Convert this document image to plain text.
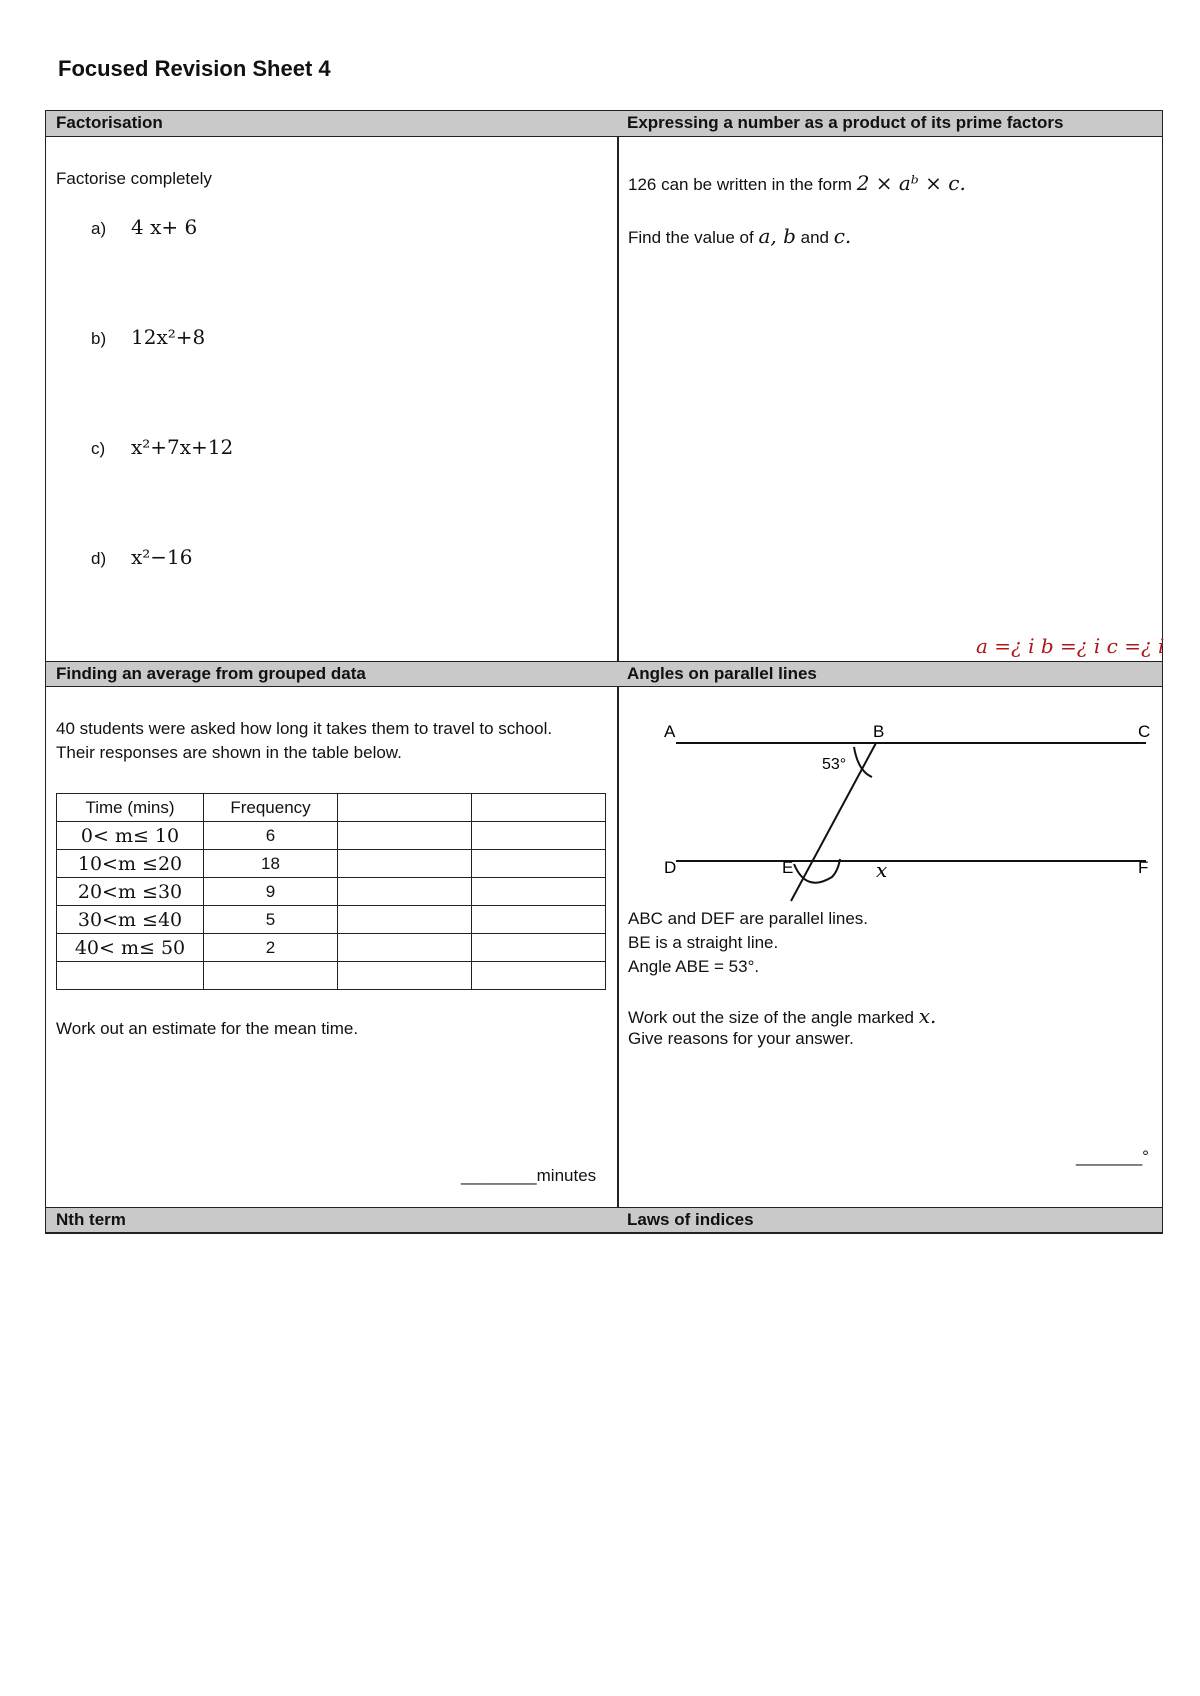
Focused Revision Sheet 4
Factorisation	Expressing a number as a product of its prime factors
Factorise completely
a) 4 x+ 6
b) 12x²+8
c) x²+7x+12
d) x²−16
126 can be written in the form 2 × aᵇ × c.
Find the value of a, b and c.
a =¿ i b =¿ i c =¿ i
Finding an average from grouped data	Angles on parallel lines
40 students were asked how long it takes them to travel to school.
Their responses are shown in the table below.
Time (mins)	Frequency		
0< m≤ 10	6		
10<m ≤20	18		
20<m ≤30	9		
30<m ≤40	5		
40< m≤ 50	2		

Work out an estimate for the mean time.
________minutes
A	B	C
D	E	F
x
53°
ABC and DEF are parallel lines.
BE is a straight line.
Angle ABE = 53°.
Work out the size of the angle marked x.
Give reasons for your answer.
_______°
Nth term	Laws of indices
